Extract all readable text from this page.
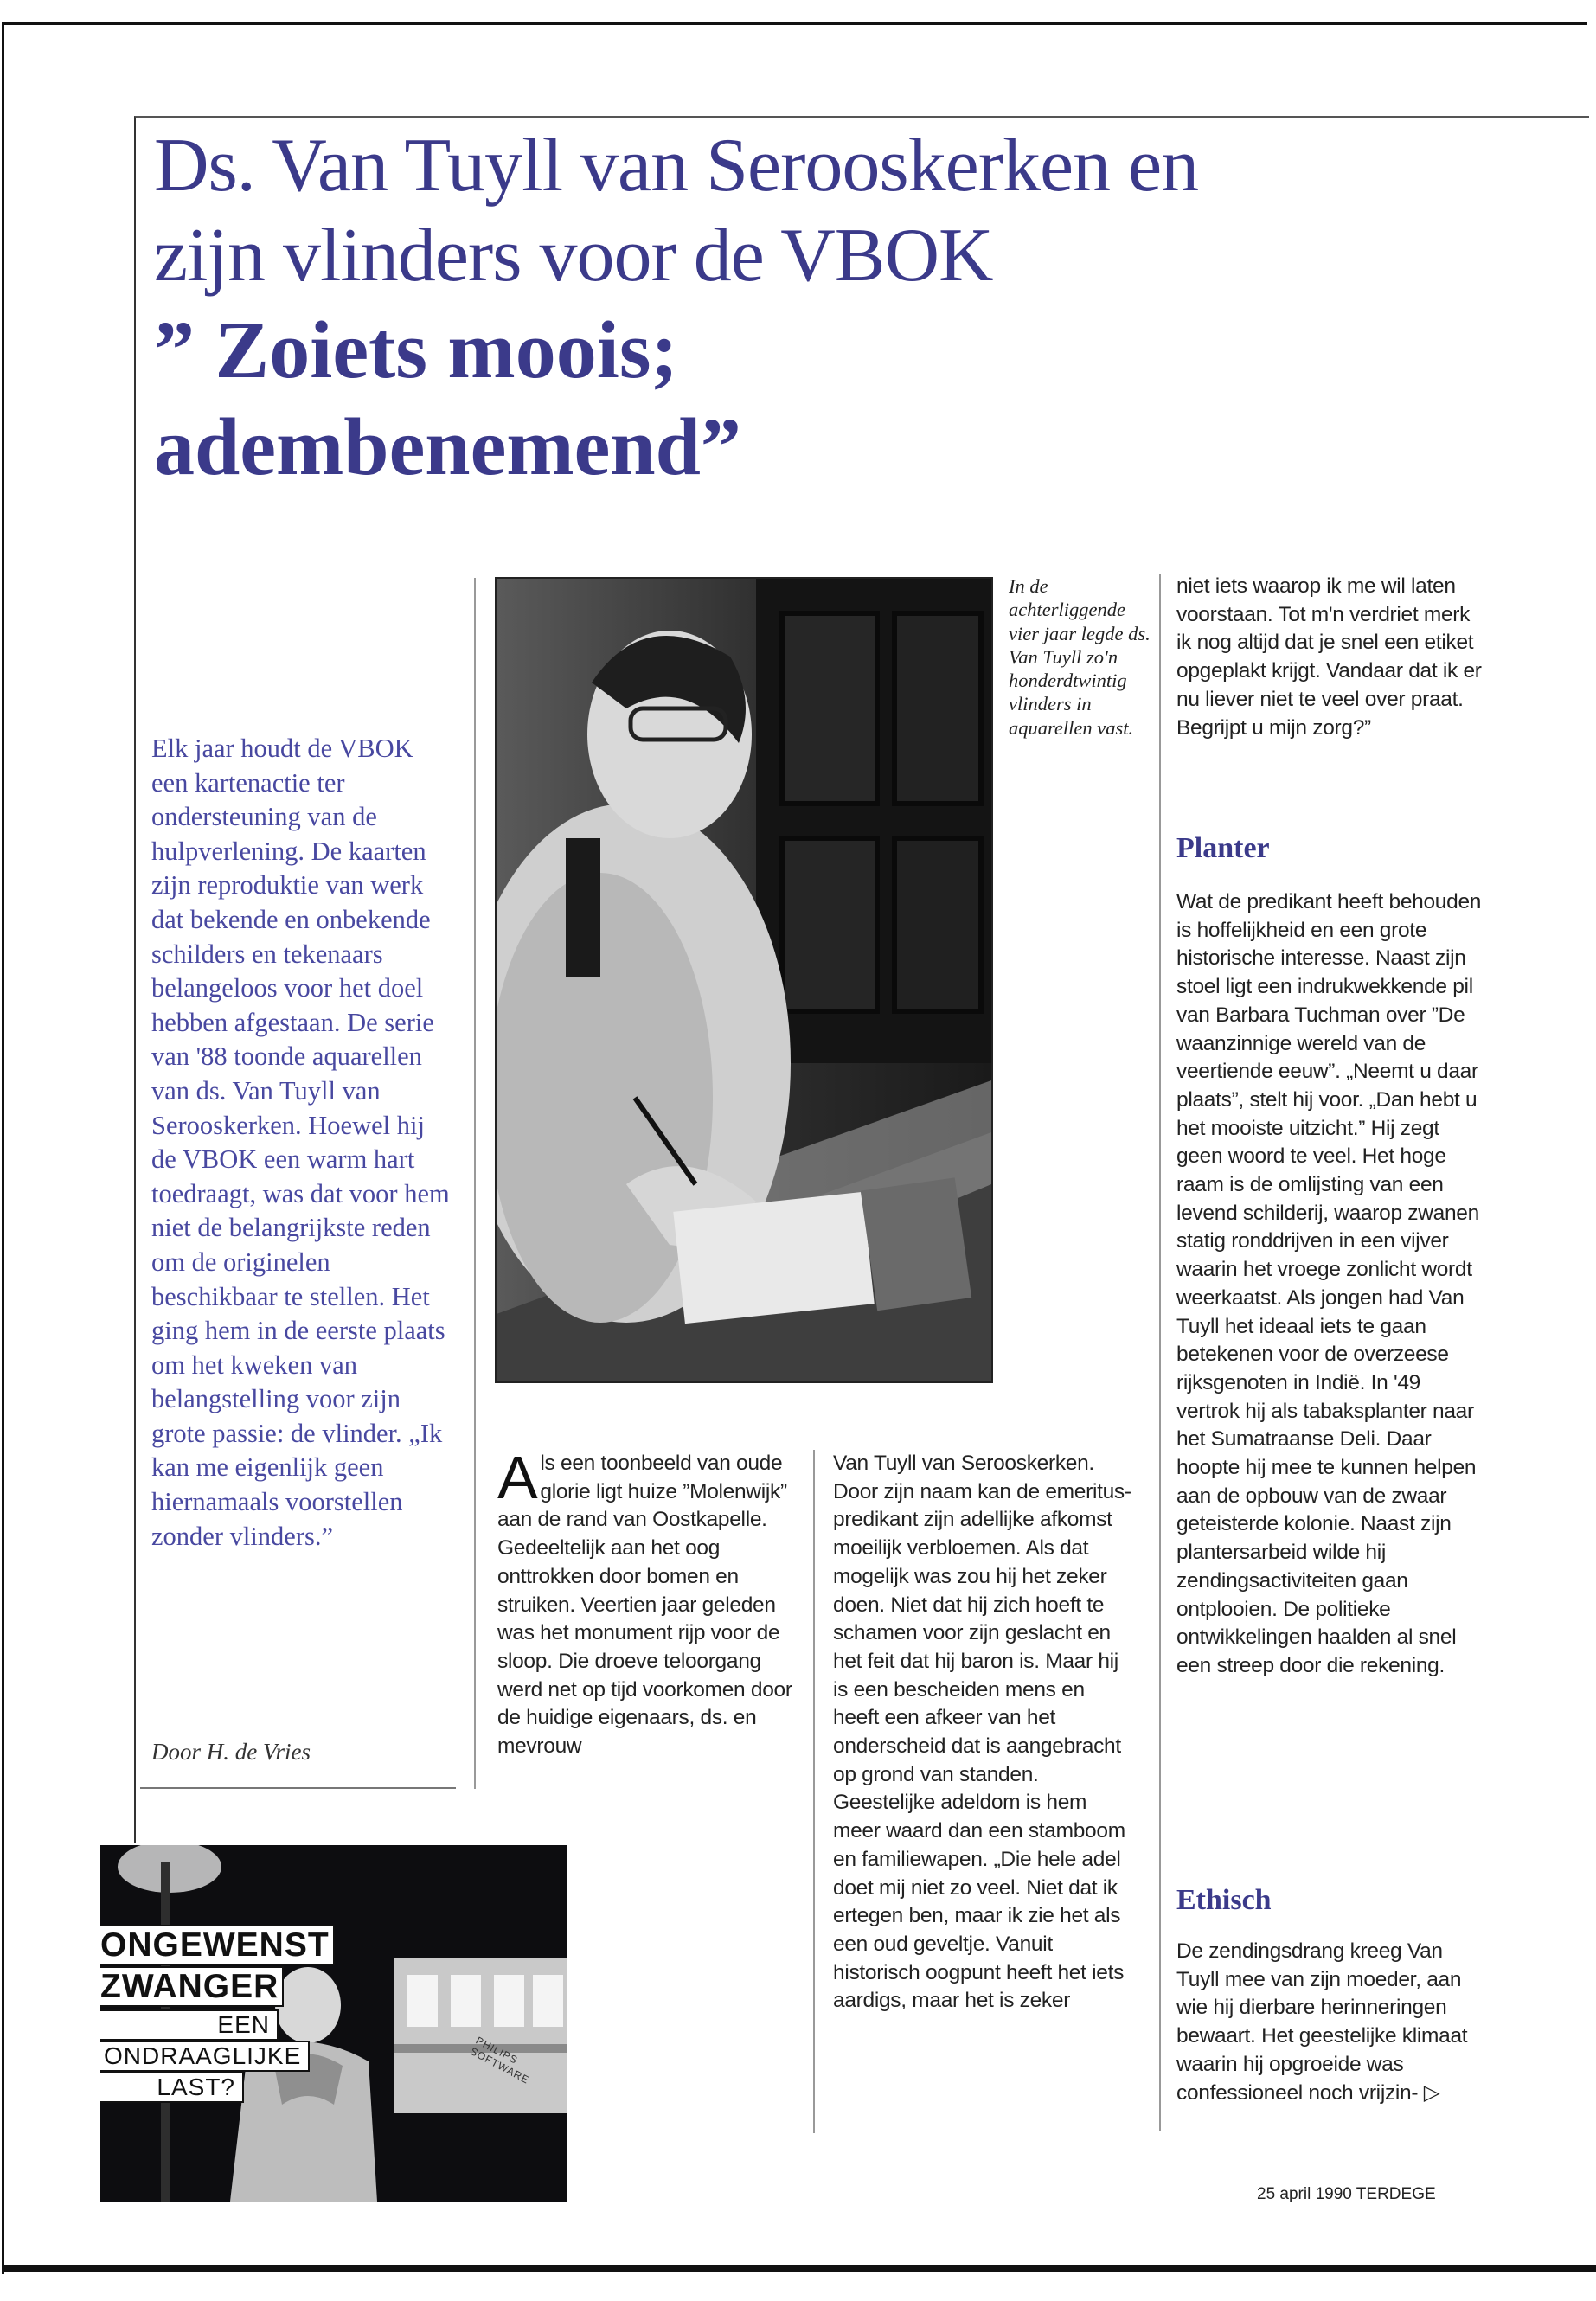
Ds. Van Tuyll van Serooskerken en
zijn vlinders voor de VBOK
” Zoiets moois;
adembenemend”

Elk jaar houdt de VBOK een kartenactie ter ondersteuning van de hulpverlening. De kaarten zijn reproduktie van werk dat bekende en onbekende schilders en tekenaars belangeloos voor het doel hebben afgestaan. De serie van '88 toonde aquarellen van ds. Van Tuyll van Serooskerken. Hoewel hij de VBOK een warm hart toedraagt, was dat voor hem niet de belangrijkste reden om de originelen beschikbaar te stellen. Het ging hem in de eerste plaats om het kweken van belangstelling voor zijn grote passie: de vlinder. „Ik kan me eigenlijk geen hiernamaals voorstellen zonder vlinders.”

Door H. de Vries
In de achterliggende vier jaar legde ds. Van Tuyll zo'n honderdtwintig vlinders in aquarellen vast.
A ls een toonbeeld van oude glorie ligt huize ”Molenwijk” aan de rand van Oostkapelle. Gedeeltelijk aan het oog onttrokken door bomen en struiken. Veertien jaar geleden was het monument rijp voor de sloop. Die droeve teloorgang werd net op tijd voorkomen door de huidige eigenaars, ds. en mevrouw

Van Tuyll van Serooskerken. Door zijn naam kan de emeritus-predikant zijn adellijke afkomst moeilijk verbloemen. Als dat mogelijk was zou hij het zeker doen. Niet dat hij zich hoeft te schamen voor zijn geslacht en het feit dat hij baron is. Maar hij is een bescheiden mens en heeft een afkeer van het onderscheid dat is aangebracht op grond van standen. Geestelijke adeldom is hem meer waard dan een stamboom en familiewapen. „Die hele adel doet mij niet zo veel. Niet dat ik ertegen ben, maar ik zie het als een oud geveltje. Vanuit historisch oogpunt heeft het iets aardigs, maar het is zeker

niet iets waarop ik me wil laten voorstaan. Tot m'n verdriet merk ik nog altijd dat je snel een etiket opgeplakt krijgt. Vandaar dat ik er nu liever niet te veel over praat. Begrijpt u mijn zorg?”

Planter

Wat de predikant heeft behouden is hoffelijkheid en een grote historische interesse. Naast zijn stoel ligt een indrukwekkende pil van Barbara Tuchman over ”De waanzinnige wereld van de veertiende eeuw”. „Neemt u daar plaats”, stelt hij voor. „Dan hebt u het mooiste uitzicht.” Hij zegt geen woord te veel. Het hoge raam is de omlijsting van een levend schilderij, waarop zwanen statig ronddrijven in een vijver waarin het vroege zonlicht wordt weerkaatst. Als jongen had Van Tuyll het ideaal iets te gaan betekenen voor de overzeese rijksgenoten in Indië. In '49 vertrok hij als tabaksplanter naar het Sumatraanse Deli. Daar hoopte hij mee te kunnen helpen aan de opbouw van de zwaar geteisterde kolonie. Naast zijn plantersarbeid wilde hij zendingsactiviteiten gaan ontplooien. De politieke ontwikkelingen haalden al snel een streep door die rekening.

Ethisch

De zendingsdrang kreeg Van Tuyll mee van zijn moeder, aan wie hij dierbare herinneringen bewaart. Het geestelijke klimaat waarin hij opgroeide was confessioneel noch vrijzin- ▷

ONGEWENST
ZWANGER
EEN
ONDRAAGLIJKE
LAST?
PHILIPS SOFTWARE
25 april 1990 TERDEGE
